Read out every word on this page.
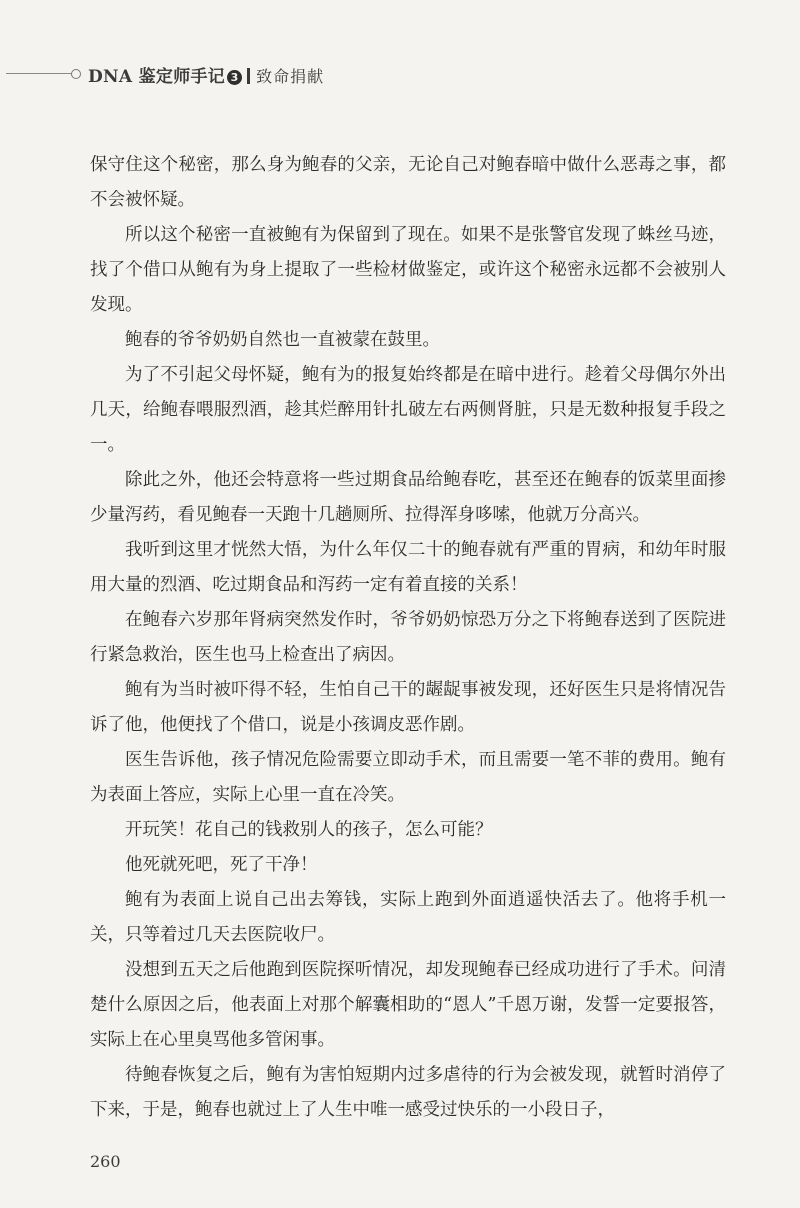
DNA 鉴定师手记 3 致命捐献

保守住这个秘密，那么身为鲍春的父亲，无论自己对鲍春暗中做什么恶毒之事，都不会被怀疑。

所以这个秘密一直被鲍有为保留到了现在。如果不是张警官发现了蛛丝马迹，找了个借口从鲍有为身上提取了一些检材做鉴定，或许这个秘密永远都不会被别人发现。

鲍春的爷爷奶奶自然也一直被蒙在鼓里。

为了不引起父母怀疑，鲍有为的报复始终都是在暗中进行。趁着父母偶尔外出几天，给鲍春喂服烈酒，趁其烂醉用针扎破左右两侧肾脏，只是无数种报复手段之一。

除此之外，他还会特意将一些过期食品给鲍春吃，甚至还在鲍春的饭菜里面掺少量泻药，看见鲍春一天跑十几趟厕所、拉得浑身哆嗦，他就万分高兴。

我听到这里才恍然大悟，为什么年仅二十的鲍春就有严重的胃病，和幼年时服用大量的烈酒、吃过期食品和泻药一定有着直接的关系！

在鲍春六岁那年肾病突然发作时，爷爷奶奶惊恐万分之下将鲍春送到了医院进行紧急救治，医生也马上检查出了病因。

鲍有为当时被吓得不轻，生怕自己干的龌龊事被发现，还好医生只是将情况告诉了他，他便找了个借口，说是小孩调皮恶作剧。

医生告诉他，孩子情况危险需要立即动手术，而且需要一笔不菲的费用。鲍有为表面上答应，实际上心里一直在冷笑。

开玩笑！花自己的钱救别人的孩子，怎么可能？

他死就死吧，死了干净！

鲍有为表面上说自己出去筹钱，实际上跑到外面逍遥快活去了。他将手机一关，只等着过几天去医院收尸。

没想到五天之后他跑到医院探听情况，却发现鲍春已经成功进行了手术。问清楚什么原因之后，他表面上对那个解囊相助的“恩人”千恩万谢，发誓一定要报答，实际上在心里臭骂他多管闲事。

待鲍春恢复之后，鲍有为害怕短期内过多虐待的行为会被发现，就暂时消停了下来，于是，鲍春也就过上了人生中唯一感受过快乐的一小段日子，

260
